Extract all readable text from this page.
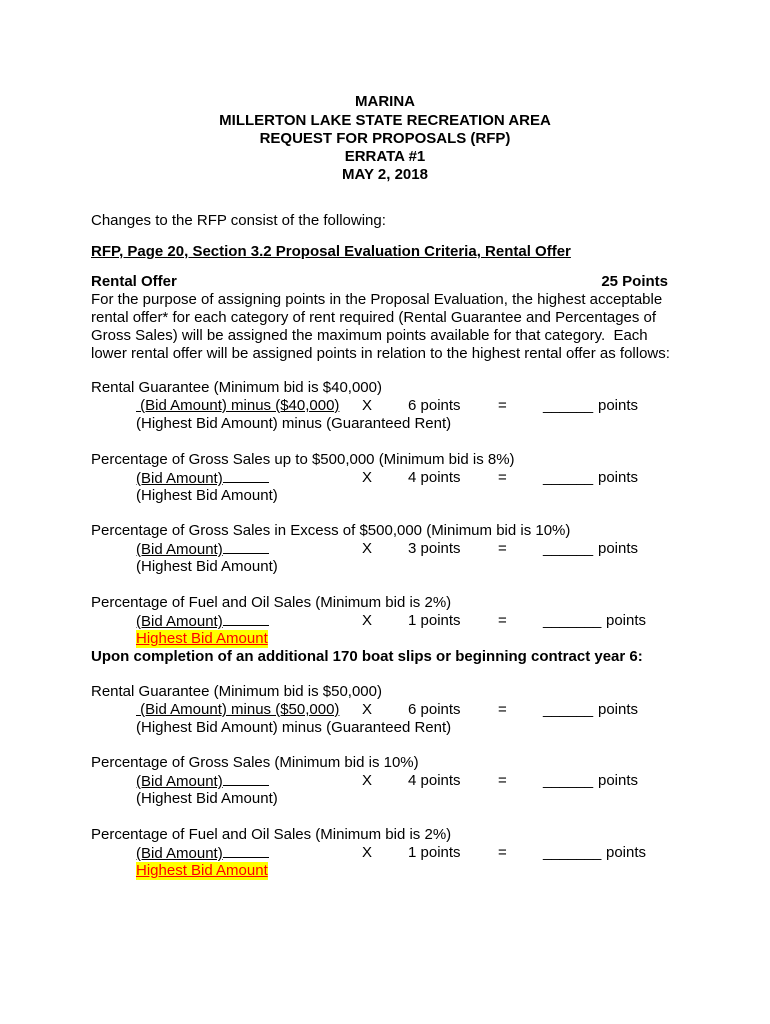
MARINA
MILLERTON LAKE STATE RECREATION AREA
REQUEST FOR PROPOSALS (RFP)
ERRATA #1
MAY 2, 2018
Changes to the RFP consist of the following:
RFP, Page 20, Section 3.2 Proposal Evaluation Criteria, Rental Offer
Rental Offer	25 Points
For the purpose of assigning points in the Proposal Evaluation, the highest acceptable
rental offer* for each category of rent required (Rental Guarantee and Percentages of
Gross Sales) will be assigned the maximum points available for that category.  Each
lower rental offer will be assigned points in relation to the highest rental offer as follows:
Rental Guarantee (Minimum bid is $40,000)
(Bid Amount) minus ($40,000) X 6 points = ______ points
(Highest Bid Amount) minus (Guaranteed Rent)
Percentage of Gross Sales up to $500,000 (Minimum bid is 8%)
(Bid Amount)	X 4 points = ______ points
(Highest Bid Amount)
Percentage of Gross Sales in Excess of $500,000 (Minimum bid is 10%)
(Bid Amount)	X 3 points = ______ points
(Highest Bid Amount)
Percentage of Fuel and Oil Sales (Minimum bid is 2%)
(Bid Amount)	X 1 points = _______ points
Highest Bid Amount
Upon completion of an additional 170 boat slips or beginning contract year 6:
Rental Guarantee (Minimum bid is $50,000)
(Bid Amount) minus ($50,000) X 6 points = ______ points
(Highest Bid Amount) minus (Guaranteed Rent)
Percentage of Gross Sales (Minimum bid is 10%)
(Bid Amount)	X 4 points = ______ points
(Highest Bid Amount)
Percentage of Fuel and Oil Sales (Minimum bid is 2%)
(Bid Amount)	X 1 points = _______ points
Highest Bid Amount
